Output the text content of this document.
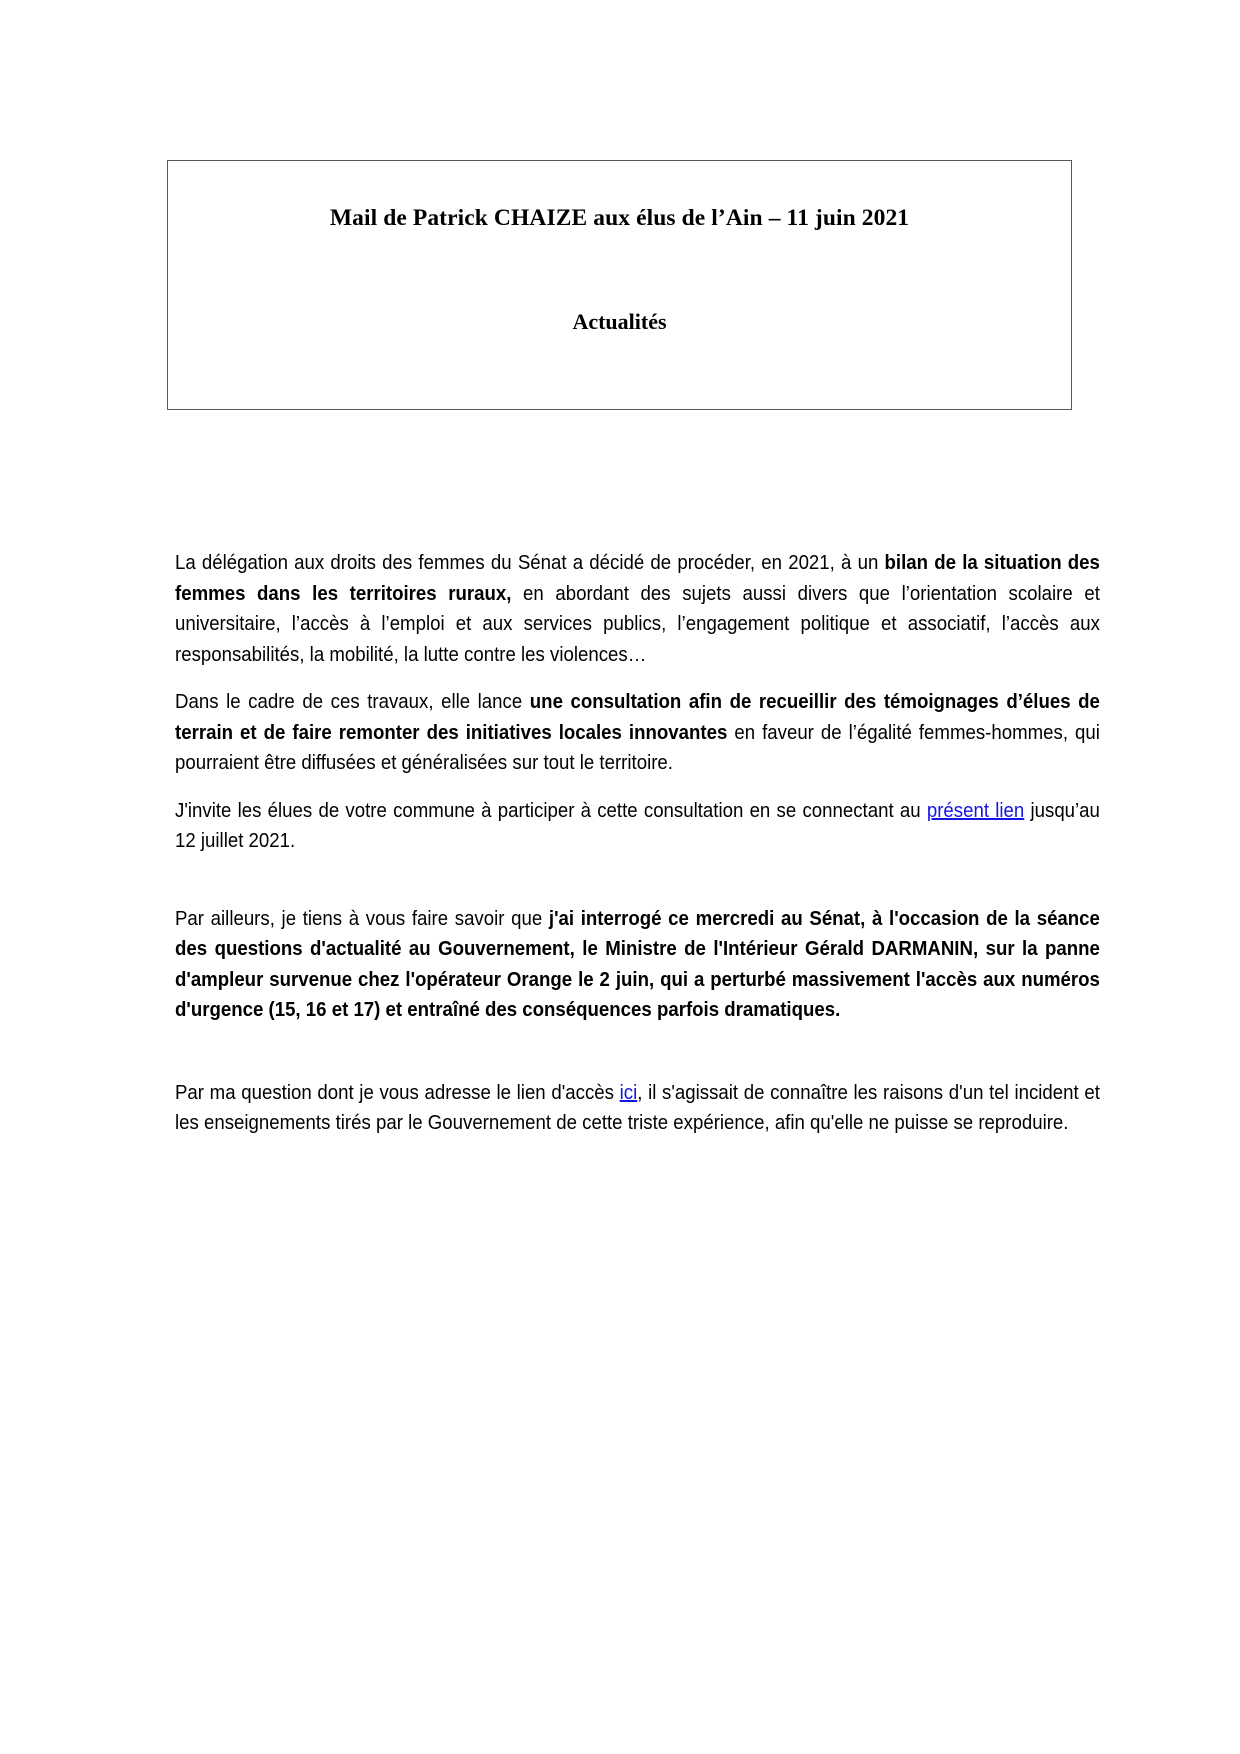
Mail de Patrick CHAIZE aux élus de l’Ain – 11 juin 2021
Actualités

La délégation aux droits des femmes du Sénat a décidé de procéder, en 2021, à un bilan de la situation des femmes dans les territoires ruraux, en abordant des sujets aussi divers que l’orientation scolaire et universitaire, l’accès à l’emploi et aux services publics, l’engagement politique et associatif, l’accès aux responsabilités, la mobilité, la lutte contre les violences…

Dans le cadre de ces travaux, elle lance une consultation afin de recueillir des témoignages d’élues de terrain et de faire remonter des initiatives locales innovantes en faveur de l’égalité femmes-hommes, qui pourraient être diffusées et généralisées sur tout le territoire.

J'invite les élues de votre commune à participer à cette consultation en se connectant au présent lien jusqu’au 12 juillet 2021.

Par ailleurs, je tiens à vous faire savoir que j'ai interrogé ce mercredi au Sénat, à l'occasion de la séance des questions d'actualité au Gouvernement, le Ministre de l'Intérieur Gérald DARMANIN, sur la panne d'ampleur survenue chez l'opérateur Orange le 2 juin, qui a perturbé massivement l'accès aux numéros d'urgence (15, 16 et 17) et entraîné des conséquences parfois dramatiques.

Par ma question dont je vous adresse le lien d'accès ici, il s'agissait de connaître les raisons d'un tel incident et les enseignements tirés par le Gouvernement de cette triste expérience, afin qu'elle ne puisse se reproduire.
